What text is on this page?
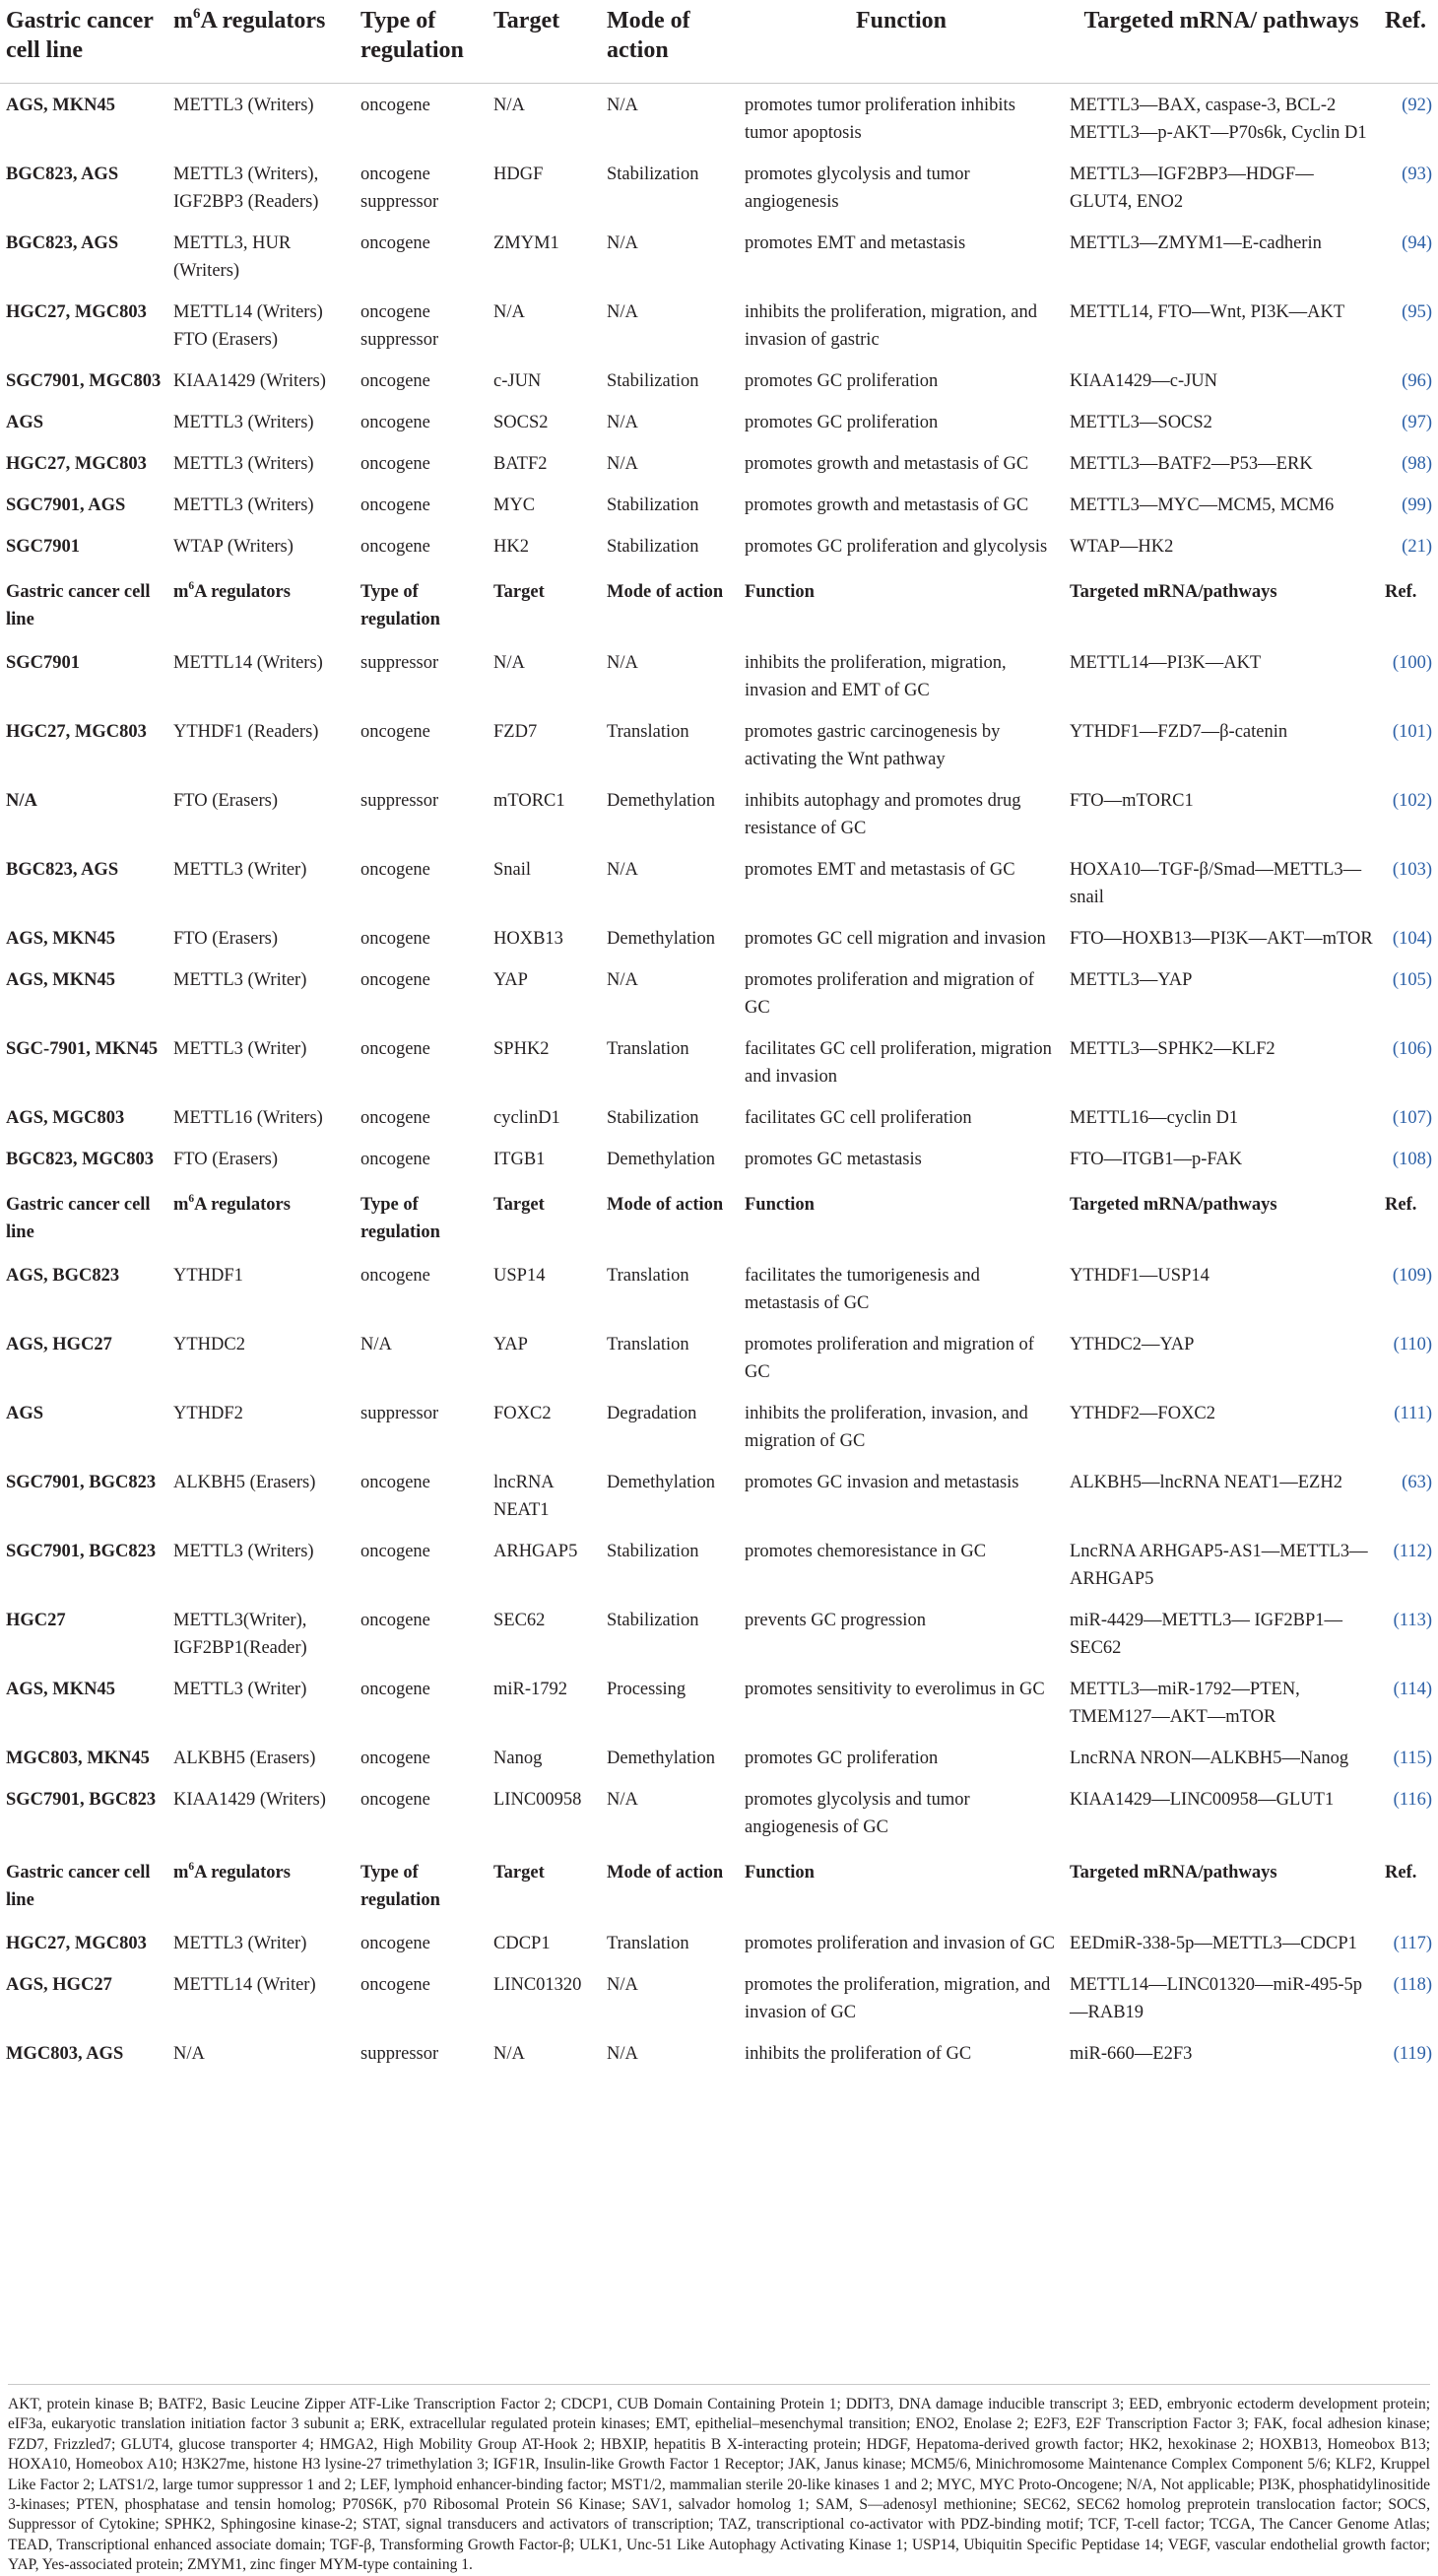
Gastric cancer cell line	$m^6A$ regulators	Type of regulation	Target	Mode of action	Function	Targeted mRNA/ pathways	Ref.
AGS, MKN45	METTL3 (Writers)	oncogene	N/A	N/A	promotes tumor proliferation inhibits tumor apoptosis	METTL3—BAX, caspase-3, BCL-2 METTL3—p-AKT—P70s6k, Cyclin D1	(92)
BGC823, AGS	METTL3 (Writers), IGF2BP3 (Readers)	oncogene suppressor	HDGF	Stabilization	promotes glycolysis and tumor angiogenesis	METTL3—IGF2BP3—HDGF—GLUT4, ENO2	(93)
BGC823, AGS	METTL3, HUR (Writers)	oncogene	ZMYM1	N/A	promotes EMT and metastasis	METTL3—ZMYM1—E-cadherin	(94)
HGC27, MGC803	METTL14 (Writers) FTO (Erasers)	oncogene suppressor	N/A	N/A	inhibits the proliferation, migration, and invasion of gastric	METTL14, FTO—Wnt, PI3K—AKT	(95)
SGC7901, MGC803	KIAA1429 (Writers)	oncogene	c-JUN	Stabilization	promotes GC proliferation	KIAA1429—c-JUN	(96)
AGS	METTL3 (Writers)	oncogene	SOCS2	N/A	promotes GC proliferation	METTL3—SOCS2	(97)
HGC27, MGC803	METTL3 (Writers)	oncogene	BATF2	N/A	promotes growth and metastasis of GC	METTL3—BATF2—P53—ERK	(98)
SGC7901, AGS	METTL3 (Writers)	oncogene	MYC	Stabilization	promotes growth and metastasis of GC	METTL3—MYC—MCM5, MCM6	(99)
SGC7901	WTAP (Writers)	oncogene	HK2	Stabilization	promotes GC proliferation and glycolysis	WTAP—HK2	(21)
Gastric cancer cell line	$m^6A$ regulators	Type of regulation	Target	Mode of action	Function	Targeted mRNA/pathways	Ref.
SGC7901	METTL14 (Writers)	suppressor	N/A	N/A	inhibits the proliferation, migration, invasion and EMT of GC	METTL14—PI3K—AKT	(100)
HGC27, MGC803	YTHDF1 (Readers)	oncogene	FZD7	Translation	promotes gastric carcinogenesis by activating the Wnt pathway	YTHDF1—FZD7—β-catenin	(101)
N/A	FTO (Erasers)	suppressor	mTORC1	Demethylation	inhibits autophagy and promotes drug resistance of GC	FTO—mTORC1	(102)
BGC823, AGS	METTL3 (Writer)	oncogene	Snail	N/A	promotes EMT and metastasis of GC	HOXA10—TGF-β/Smad—METTL3—snail	(103)
AGS, MKN45	FTO (Erasers)	oncogene	HOXB13	Demethylation	promotes GC cell migration and invasion	FTO—HOXB13—PI3K—AKT—mTOR	(104)
AGS, MKN45	METTL3 (Writer)	oncogene	YAP	N/A	promotes proliferation and migration of GC	METTL3—YAP	(105)
SGC-7901, MKN45	METTL3 (Writer)	oncogene	SPHK2	Translation	facilitates GC cell proliferation, migration and invasion	METTL3—SPHK2—KLF2	(106)
AGS, MGC803	METTL16 (Writers)	oncogene	cyclinD1	Stabilization	facilitates GC cell proliferation	METTL16—cyclin D1	(107)
BGC823, MGC803	FTO (Erasers)	oncogene	ITGB1	Demethylation	promotes GC metastasis	FTO—ITGB1—p-FAK	(108)
Gastric cancer cell line	$m^6A$ regulators	Type of regulation	Target	Mode of action	Function	Targeted mRNA/pathways	Ref.
AGS, BGC823	YTHDF1	oncogene	USP14	Translation	facilitates the tumorigenesis and metastasis of GC	YTHDF1—USP14	(109)
AGS, HGC27	YTHDC2	N/A	YAP	Translation	promotes proliferation and migration of GC	YTHDC2—YAP	(110)
AGS	YTHDF2	suppressor	FOXC2	Degradation	inhibits the proliferation, invasion, and migration of GC	YTHDF2—FOXC2	(111)
SGC7901, BGC823	ALKBH5 (Erasers)	oncogene	lncRNA NEAT1	Demethylation	promotes GC invasion and metastasis	ALKBH5—lncRNA NEAT1—EZH2	(63)
SGC7901, BGC823	METTL3 (Writers)	oncogene	ARHGAP5	Stabilization	promotes chemoresistance in GC	LncRNA ARHGAP5-AS1—METTL3—ARHGAP5	(112)
HGC27	METTL3(Writer), IGF2BP1(Reader)	oncogene	SEC62	Stabilization	prevents GC progression	miR-4429—METTL3— IGF2BP1—SEC62	(113)
AGS, MKN45	METTL3 (Writer)	oncogene	miR-1792	Processing	promotes sensitivity to everolimus in GC	METTL3—miR-1792—PTEN, TMEM127—AKT—mTOR	(114)
MGC803, MKN45	ALKBH5 (Erasers)	oncogene	Nanog	Demethylation	promotes GC proliferation	LncRNA NRON—ALKBH5—Nanog	(115)
SGC7901, BGC823	KIAA1429 (Writers)	oncogene	LINC00958	N/A	promotes glycolysis and tumor angiogenesis of GC	KIAA1429—LINC00958—GLUT1	(116)
Gastric cancer cell line	$m^6A$ regulators	Type of regulation	Target	Mode of action	Function	Targeted mRNA/pathways	Ref.
HGC27, MGC803	METTL3 (Writer)	oncogene	CDCP1	Translation	promotes proliferation and invasion of GC	EEDmiR-338-5p—METTL3—CDCP1	(117)
AGS, HGC27	METTL14 (Writer)	oncogene	LINC01320	N/A	promotes the proliferation, migration, and invasion of GC	METTL14—LINC01320—miR-495-5p—RAB19	(118)
MGC803, AGS	N/A	suppressor	N/A	N/A	inhibits the proliferation of GC	miR-660—E2F3	(119)
AKT, protein kinase B; BATF2, Basic Leucine Zipper ATF-Like Transcription Factor 2; CDCP1, CUB Domain Containing Protein 1; DDIT3, DNA damage inducible transcript 3; EED, embryonic ectoderm development protein; eIF3a, eukaryotic translation initiation factor 3 subunit a; ERK, extracellular regulated protein kinases; EMT, epithelial–mesenchymal transition; ENO2, Enolase 2; E2F3, E2F Transcription Factor 3; FAK, focal adhesion kinase; FZD7, Frizzled7; GLUT4, glucose transporter 4; HMGA2, High Mobility Group AT-Hook 2; HBXIP, hepatitis B X-interacting protein; HDGF, Hepatoma-derived growth factor; HK2, hexokinase 2; HOXB13, Homeobox B13; HOXA10, Homeobox A10; H3K27me, histone H3 lysine-27 trimethylation 3; IGF1R, Insulin-like Growth Factor 1 Receptor; JAK, Janus kinase; MCM5/6, Minichromosome Maintenance Complex Component 5/6; KLF2, Kruppel Like Factor 2; LATS1/2, large tumor suppressor 1 and 2; LEF, lymphoid enhancer-binding factor; MST1/2, mammalian sterile 20-like kinases 1 and 2; MYC, MYC Proto-Oncogene; N/A, Not applicable; PI3K, phosphatidylinositide 3-kinases; PTEN, phosphatase and tensin homolog; P70S6K, p70 Ribosomal Protein S6 Kinase; SAV1, salvador homolog 1; SAM, S—adenosyl methionine; SEC62, SEC62 homolog preprotein translocation factor; SOCS, Suppressor of Cytokine; SPHK2, Sphingosine kinase-2; STAT, signal transducers and activators of transcription; TAZ, transcriptional co-activator with PDZ-binding motif; TCF, T-cell factor; TCGA, The Cancer Genome Atlas; TEAD, Transcriptional enhanced associate domain; TGF-β, Transforming Growth Factor-β; ULK1, Unc-51 Like Autophagy Activating Kinase 1; USP14, Ubiquitin Specific Peptidase 14; VEGF, vascular endothelial growth factor; YAP, Yes-associated protein; ZMYM1, zinc finger MYM-type containing 1.
